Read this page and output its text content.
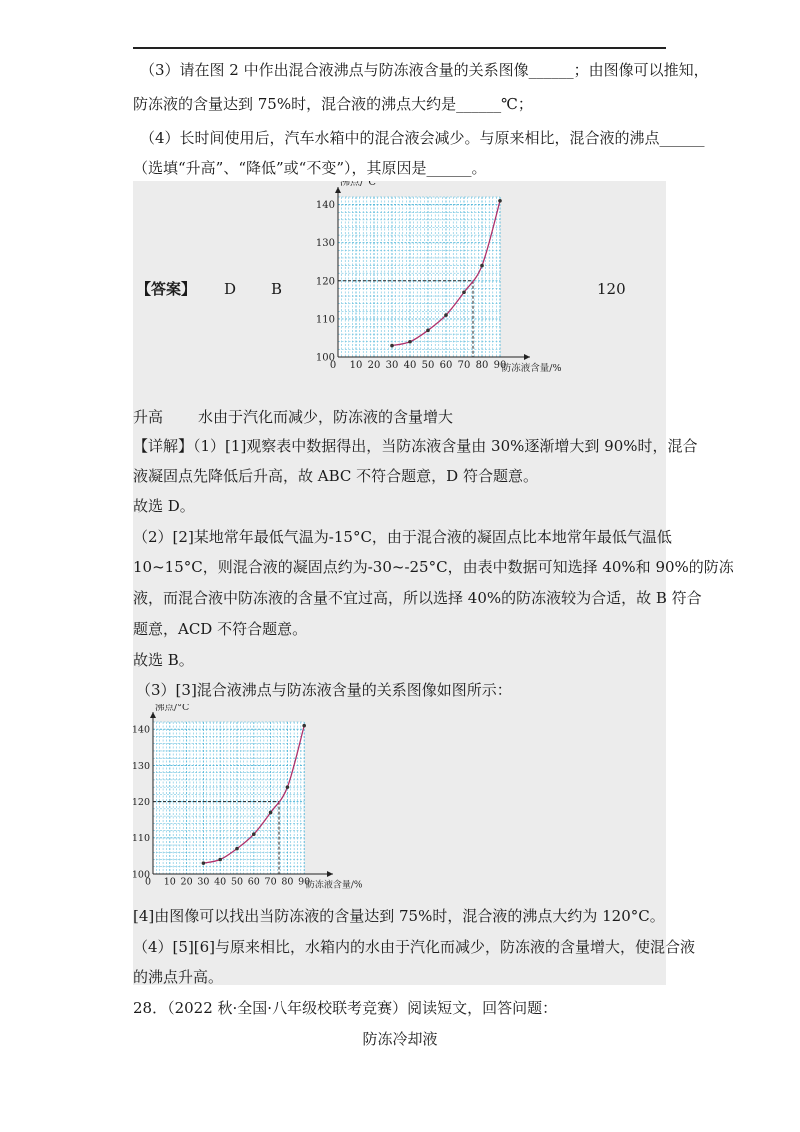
（3）请在图 2 中作出混合液沸点与防冻液含量的关系图像______；由图像可以推知，
防冻液的含量达到 75%时，混合液的沸点大约是______℃；
（4）长时间使用后，汽车水箱中的混合液会减少。与原来相比，混合液的沸点______
（选填“升高”、“降低”或“不变”），其原因是______。
【答案】 D B	120
100
110
120
130
140
0 10 20 30 40 50 60 70 80 90
沸点/°C
防冻液含量/%
升高 水由于汽化而减少，防冻液的含量增大
【详解】（1）[1]观察表中数据得出，当防冻液含量由 30%逐渐增大到 90%时，混合
液凝固点先降低后升高，故 ABC 不符合题意，D 符合题意。
故选 D。
（2）[2]某地常年最低气温为-15°C，由于混合液的凝固点比本地常年最低气温低
10~15°C，则混合液的凝固点约为-30~-25°C，由表中数据可知选择 40%和 90%的防冻
液，而混合液中防冻液的含量不宜过高，所以选择 40%的防冻液较为合适，故 B 符合
题意，ACD 不符合题意。
故选 B。
（3）[3]混合液沸点与防冻液含量的关系图像如图所示：
100
110
120
130
140
0 10 20 30 40 50 60 70 80 90
沸点/°C
防冻液含量/%
[4]由图像可以找出当防冻液的含量达到 75%时，混合液的沸点大约为 120°C。
（4）[5][6]与原来相比，水箱内的水由于汽化而减少，防冻液的含量增大，使混合液
的沸点升高。
28．（2022 秋·全国·八年级校联考竞赛）阅读短文，回答问题：
防冻冷却液
